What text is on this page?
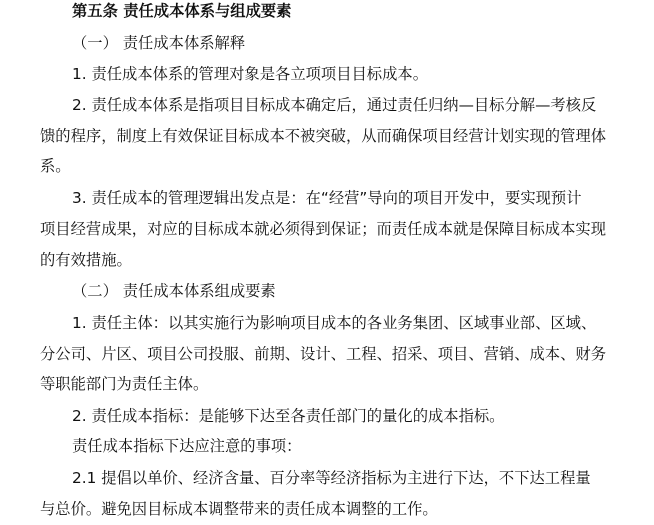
第五条 责任成本体系与组成要素
（一） 责任成本体系解释
1. 责任成本体系的管理对象是各立项项目目标成本。
2. 责任成本体系是指项目目标成本确定后，通过责任归纳—目标分解—考核反
馈的程序，制度上有效保证目标成本不被突破，从而确保项目经营计划实现的管理体
系。
3. 责任成本的管理逻辑出发点是：在“经营”导向的项目开发中，要实现预计
项目经营成果，对应的目标成本就必须得到保证；而责任成本就是保障目标成本实现
的有效措施。
（二） 责任成本体系组成要素
1. 责任主体：以其实施行为影响项目成本的各业务集团、区域事业部、区域、
分公司、片区、项目公司投服、前期、设计、工程、招采、项目、营销、成本、财务
等职能部门为责任主体。
2. 责任成本指标：是能够下达至各责任部门的量化的成本指标。
责任成本指标下达应注意的事项：
2.1 提倡以单价、经济含量、百分率等经济指标为主进行下达，不下达工程量
与总价。避免因目标成本调整带来的责任成本调整的工作。
